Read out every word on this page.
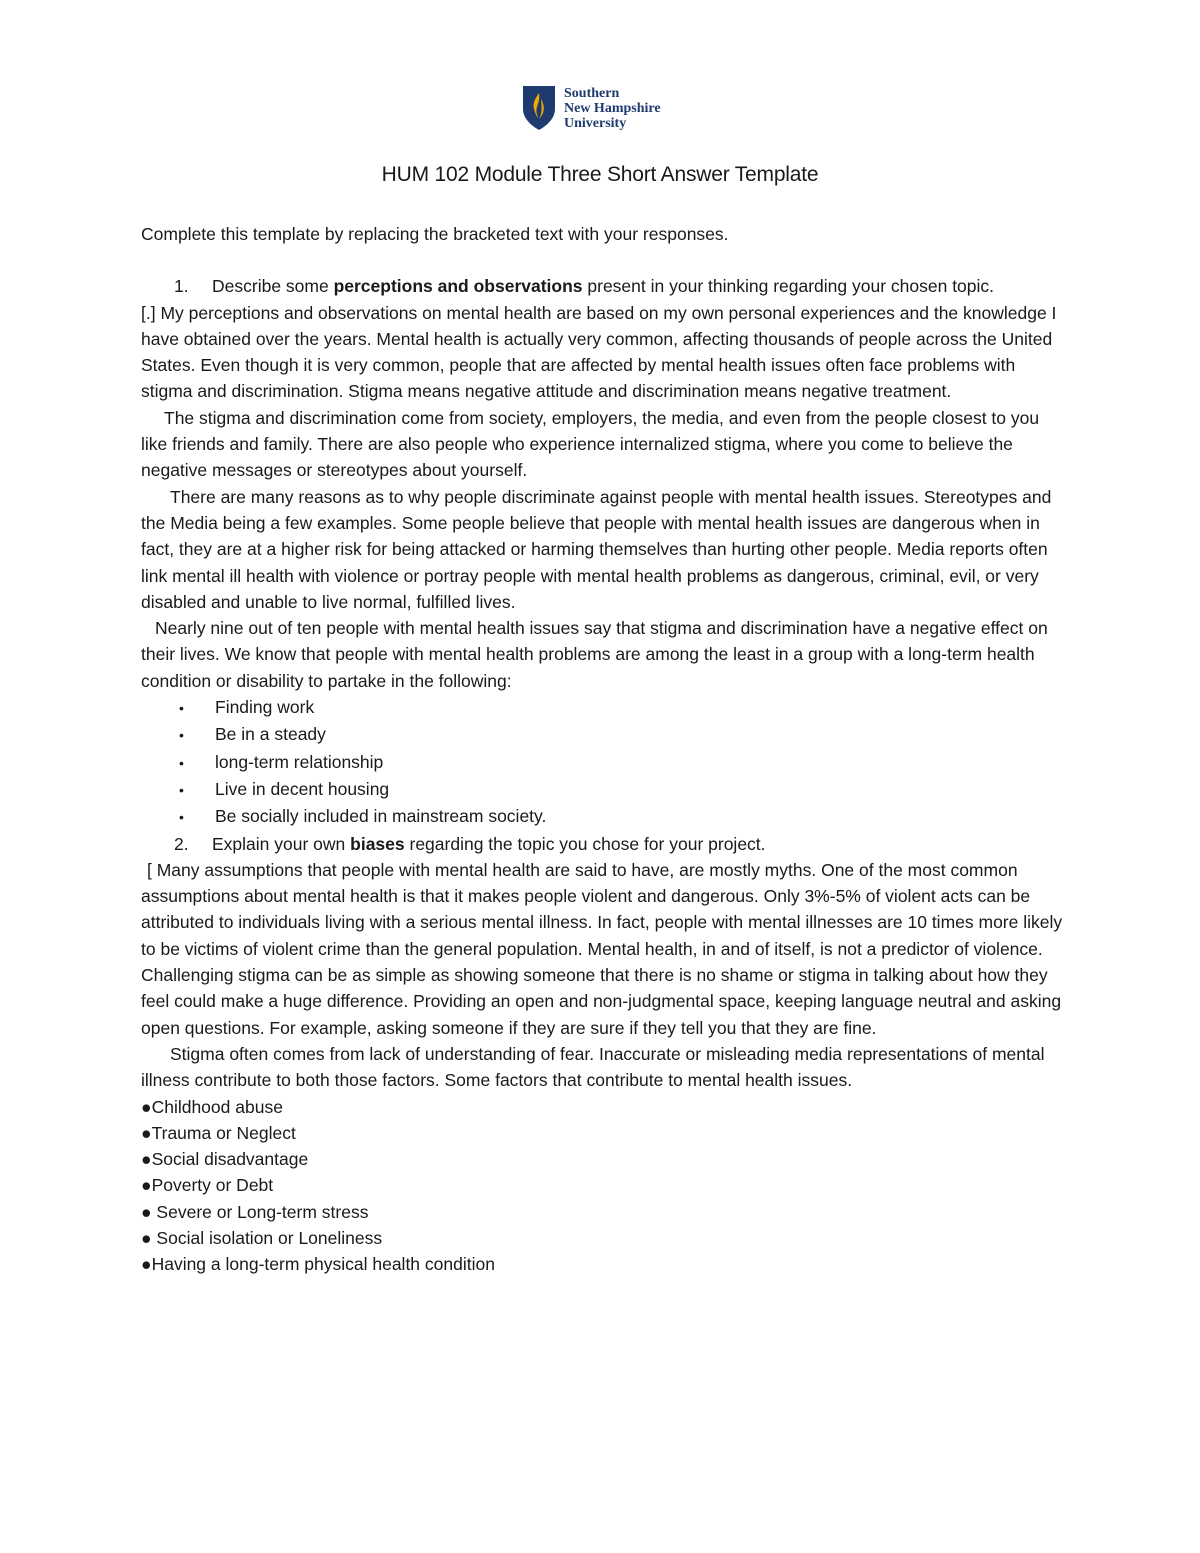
Southern
New Hampshire
University
HUM 102 Module Three Short Answer Template

Complete this template by replacing the bracketed text with your responses.

1.	Describe some perceptions and observations present in your thinking regarding your chosen topic.

[.] My perceptions and observations on mental health are based on my own personal experiences and the knowledge I have obtained over the years. Mental health is actually very common, affecting thousands of people across the United States. Even though it is very common, people that are affected by mental health issues often face problems with stigma and discrimination. Stigma means negative attitude and discrimination means negative treatment.

The stigma and discrimination come from society, employers, the media, and even from the people closest to you like friends and family. There are also people who experience internalized stigma, where you come to believe the negative messages or stereotypes about yourself.

There are many reasons as to why people discriminate against people with mental health issues. Stereotypes and the Media being a few examples. Some people believe that people with mental health issues are dangerous when in fact, they are at a higher risk for being attacked or harming themselves than hurting other people. Media reports often link mental ill health with violence or portray people with mental health problems as dangerous, criminal, evil, or very disabled and unable to live normal, fulfilled lives.

Nearly nine out of ten people with mental health issues say that stigma and discrimination have a negative effect on their lives. We know that people with mental health problems are among the least in a group with a long-term health condition or disability to partake in the following:

•	Finding work
•	Be in a steady
•	long-term relationship
•	Live in decent housing
•	Be socially included in mainstream society.
2.	Explain your own biases regarding the topic you chose for your project.

[ Many assumptions that people with mental health are said to have, are mostly myths. One of the most common assumptions about mental health is that it makes people violent and dangerous. Only 3%-5% of violent acts can be attributed to individuals living with a serious mental illness. In fact, people with mental illnesses are 10 times more likely to be victims of violent crime than the general population. Mental health, in and of itself, is not a predictor of violence. Challenging stigma can be as simple as showing someone that there is no shame or stigma in talking about how they feel could make a huge difference. Providing an open and non-judgmental space, keeping language neutral and asking open questions. For example, asking someone if they are sure if they tell you that they are fine.

Stigma often comes from lack of understanding of fear. Inaccurate or misleading media representations of mental illness contribute to both those factors. Some factors that contribute to mental health issues.

●Childhood abuse

●Trauma or Neglect

●Social disadvantage

●Poverty or Debt

● Severe or Long-term stress

● Social isolation or Loneliness

●Having a long-term physical health condition
